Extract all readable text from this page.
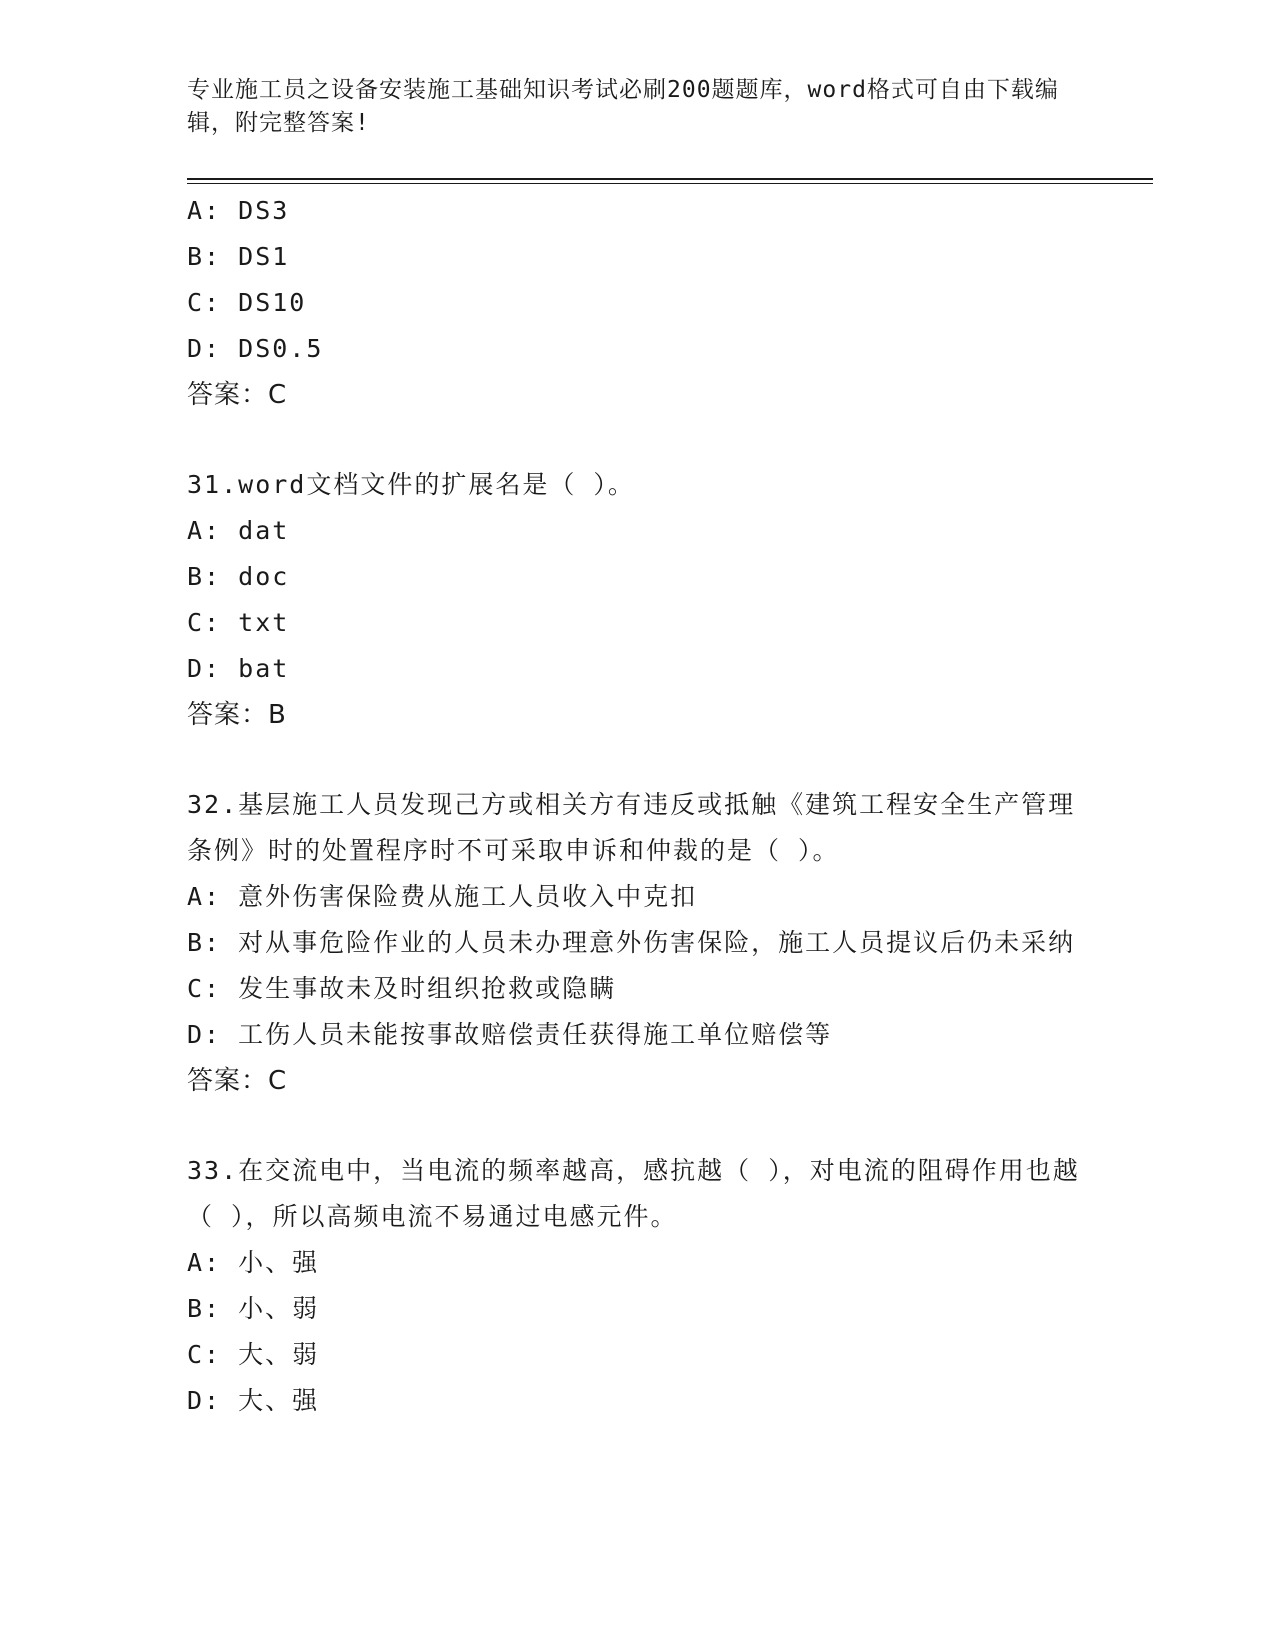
专业施工员之设备安装施工基础知识考试必刷200题题库，word格式可自由下载编辑，附完整答案!
A: DS3
B: DS1
C: DS10
D: DS0.5
答案：C
31.word文档文件的扩展名是（ ）。
A: dat
B: doc
C: txt
D: bat
答案：B
32.基层施工人员发现己方或相关方有违反或抵触《建筑工程安全生产管理条例》时的处置程序时不可采取申诉和仲裁的是（ ）。
A: 意外伤害保险费从施工人员收入中克扣
B: 对从事危险作业的人员未办理意外伤害保险，施工人员提议后仍未采纳
C: 发生事故未及时组织抢救或隐瞒
D: 工伤人员未能按事故赔偿责任获得施工单位赔偿等
答案：C
33.在交流电中，当电流的频率越高，感抗越（ ），对电流的阻碍作用也越（ ），所以高频电流不易通过电感元件。
A: 小、强
B: 小、弱
C: 大、弱
D: 大、强
